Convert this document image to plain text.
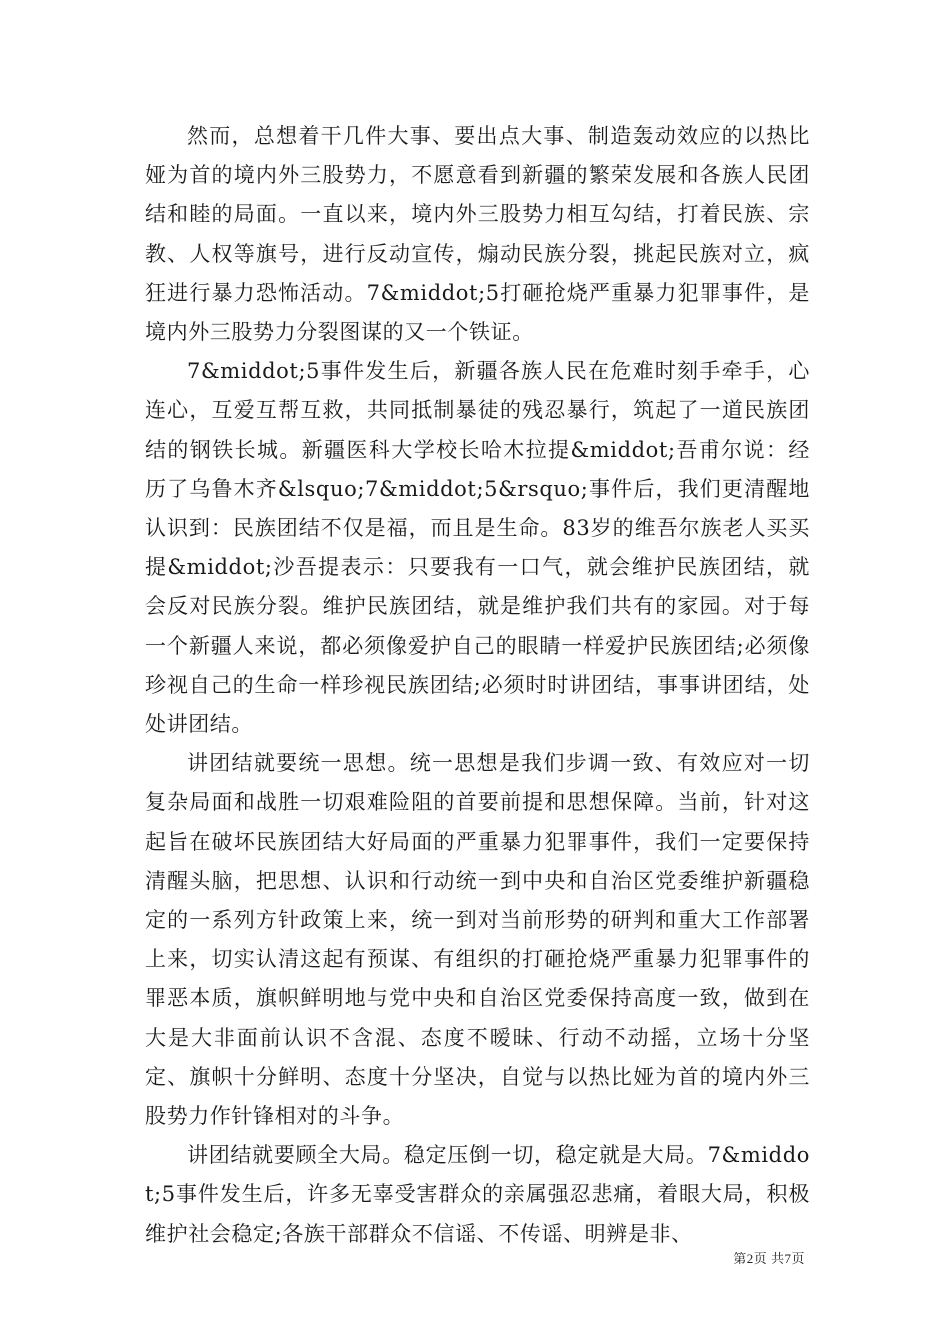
然而，总想着干几件大事、要出点大事、制造轰动效应的以热比娅为首的境内外三股势力，不愿意看到新疆的繁荣发展和各族人民团结和睦的局面。一直以来，境内外三股势力相互勾结，打着民族、宗教、人权等旗号，进行反动宣传，煽动民族分裂，挑起民族对立，疯狂进行暴力恐怖活动。7&middot;5打砸抢烧严重暴力犯罪事件，是境内外三股势力分裂图谋的又一个铁证。

7&middot;5事件发生后，新疆各族人民在危难时刻手牵手，心连心，互爱互帮互救，共同抵制暴徒的残忍暴行，筑起了一道民族团结的钢铁长城。新疆医科大学校长哈木拉提&middot;吾甫尔说：经历了乌鲁木齐&lsquo;7&middot;5&rsquo;事件后，我们更清醒地认识到：民族团结不仅是福，而且是生命。83岁的维吾尔族老人买买提&middot;沙吾提表示：只要我有一口气，就会维护民族团结，就会反对民族分裂。维护民族团结，就是维护我们共有的家园。对于每一个新疆人来说，都必须像爱护自己的眼睛一样爱护民族团结;必须像珍视自己的生命一样珍视民族团结;必须时时讲团结，事事讲团结，处处讲团结。

讲团结就要统一思想。统一思想是我们步调一致、有效应对一切复杂局面和战胜一切艰难险阻的首要前提和思想保障。当前，针对这起旨在破坏民族团结大好局面的严重暴力犯罪事件，我们一定要保持清醒头脑，把思想、认识和行动统一到中央和自治区党委维护新疆稳定的一系列方针政策上来，统一到对当前形势的研判和重大工作部署上来，切实认清这起有预谋、有组织的打砸抢烧严重暴力犯罪事件的罪恶本质，旗帜鲜明地与党中央和自治区党委保持高度一致，做到在大是大非面前认识不含混、态度不暧昧、行动不动摇，立场十分坚定、旗帜十分鲜明、态度十分坚决，自觉与以热比娅为首的境内外三股势力作针锋相对的斗争。

讲团结就要顾全大局。稳定压倒一切，稳定就是大局。7&middot;5事件发生后，许多无辜受害群众的亲属强忍悲痛，着眼大局，积极维护社会稳定;各族干部群众不信谣、不传谣、明辨是非、

第2页 共7页
